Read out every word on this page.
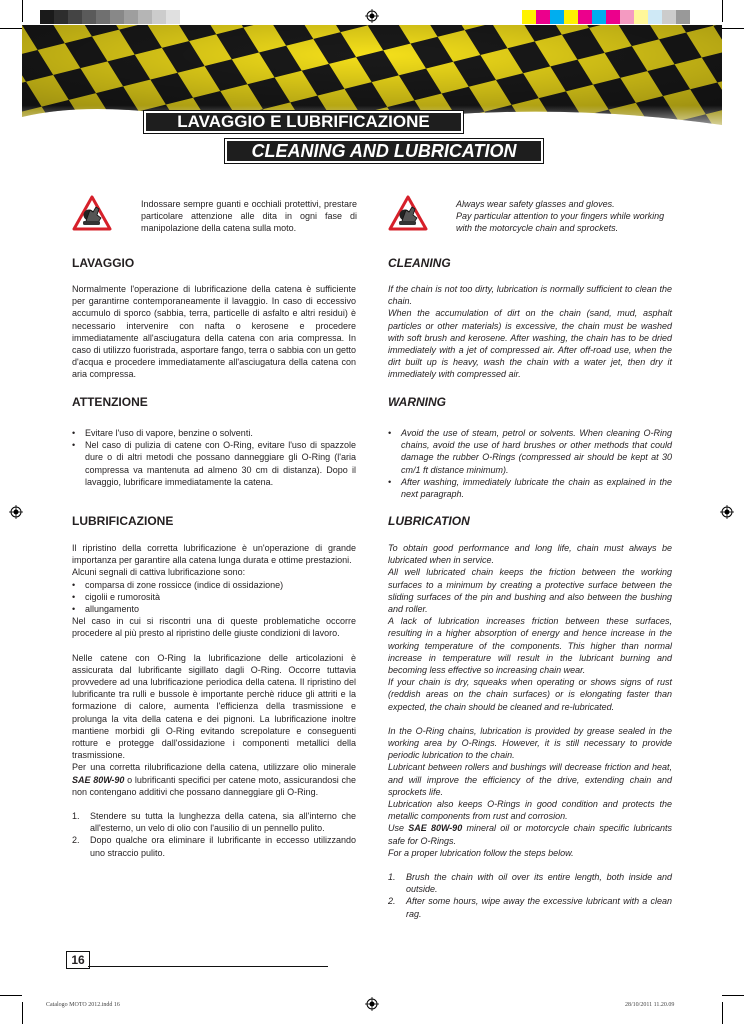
LAVAGGIO E LUBRIFICAZIONE
CLEANING AND LUBRICATION

Indossare sempre guanti e occhiali protettivi, prestare particolare attenzione alle dita in ogni fase di manipolazione della catena sulla moto.

LAVAGGIO

Normalmente l'operazione di lubrificazione della catena è sufficiente per garantirne contemporaneamente il lavaggio. In caso di eccessivo accumulo di sporco (sabbia, terra, particelle di asfalto e altri residui) è necessario intervenire con nafta o kerosene e procedere immediatamente all'asciugatura della catena con aria compressa. In caso di utilizzo fuoristrada, asportare fango, terra o sabbia con un getto d'acqua e procedere immediatamente all'asciugatura della catena con aria compressa.

ATTENZIONE
• Evitare l'uso di vapore, benzine o solventi.
• Nel caso di pulizia di catene con O-Ring, evitare l'uso di spazzole dure o di altri metodi che possano danneggiare gli O-Ring (l'aria compressa va mantenuta ad almeno 30 cm di distanza). Dopo il lavaggio, lubrificare immediatamente la catena.
LUBRIFICAZIONE

Il ripristino della corretta lubrificazione è un'operazione di grande importanza per garantire alla catena lunga durata e ottime prestazioni.

Alcuni segnali di cattiva lubrificazione sono:

• comparsa di zone rossicce (indice di ossidazione)
• cigolii e rumorosità
• allungamento

Nel caso in cui si riscontri una di queste problematiche occorre procedere al più presto al ripristino delle giuste condizioni di lavoro.

Nelle catene con O-Ring la lubrificazione delle articolazioni è assicurata dal lubrificante sigillato dagli O-Ring. Occorre tuttavia provvedere ad una lubrificazione periodica della catena. Il ripristino del lubrificante tra rulli e bussole è importante perchè riduce gli attriti e la formazione di calore, aumenta l'efficienza della trasmissione e prolunga la vita della catena e dei pignoni. La lubrificazione inoltre mantiene morbidi gli O-Ring evitando screpolature e conseguenti rotture e protegge dall'ossidazione i componenti metallici della trasmissione.

Per una corretta rilubrificazione della catena, utilizzare olio minerale SAE 80W-90 o lubrificanti specifici per catene moto, assicurandosi che non contengano additivi che possano danneggiare gli O-Ring.

1. Stendere su tutta la lunghezza della catena, sia all'interno che all'esterno, un velo di olio con l'ausilio di un pennello pulito.
2. Dopo qualche ora eliminare il lubrificante in eccesso utilizzando uno straccio pulito.

Always wear safety glasses and gloves.

Pay particular attention to your fingers while working with the motorcycle chain and sprockets.

CLEANING

If the chain is not too dirty, lubrication is normally sufficient to clean the chain.

When the accumulation of dirt on the chain (sand, mud, asphalt particles or other materials) is excessive, the chain must be washed with soft brush and kerosene. After washing, the chain has to be dried immediately with a jet of compressed air. After off-road use, when the dirt built up is heavy, wash the chain with a water jet, then dry it immediately with compressed air.

WARNING
• Avoid the use of steam, petrol or solvents. When cleaning O-Ring chains, avoid the use of hard brushes or other methods that could damage the rubber O-Rings (compressed air should be kept at 30 cm/1 ft distance minimum).
• After washing, immediately lubricate the chain as explained in the next paragraph.
LUBRICATION

To obtain good performance and long life, chain must always be lubricated when in service.

All well lubricated chain keeps the friction between the working surfaces to a minimum by creating a protective surface between the sliding surfaces of the pin and bushing and also between the bushing and roller.

A lack of lubrication increases friction between these surfaces, resulting in a higher absorption of energy and hence increase in the working temperature of the components. This higher than normal increase in temperature will result in the lubricant burning and becoming less effective so increasing chain wear.

If your chain is dry, squeaks when operating or shows signs of rust (reddish areas on the chain surfaces) or is elongating faster than expected, the chain should be cleaned and re-lubricated.

In the O-Ring chains, lubrication is provided by grease sealed in the working area by O-Rings. However, it is still necessary to provide periodic lubrication to the chain.

Lubricant between rollers and bushings will decrease friction and heat, and will improve the efficiency of the drive, extending chain and sprockets life.

Lubrication also keeps O-Rings in good condition and protects the metallic components from rust and corrosion.

Use SAE 80W-90 mineral oil or motorcycle chain specific lubricants safe for O-Rings.

For a proper lubrication follow the steps below.

1. Brush the chain with oil over its entire length, both inside and outside.
2. After some hours, wipe away the excessive lubricant with a clean rag.
16
Catalogo MOTO 2012.indd 16	28/10/2011 11.20.09
